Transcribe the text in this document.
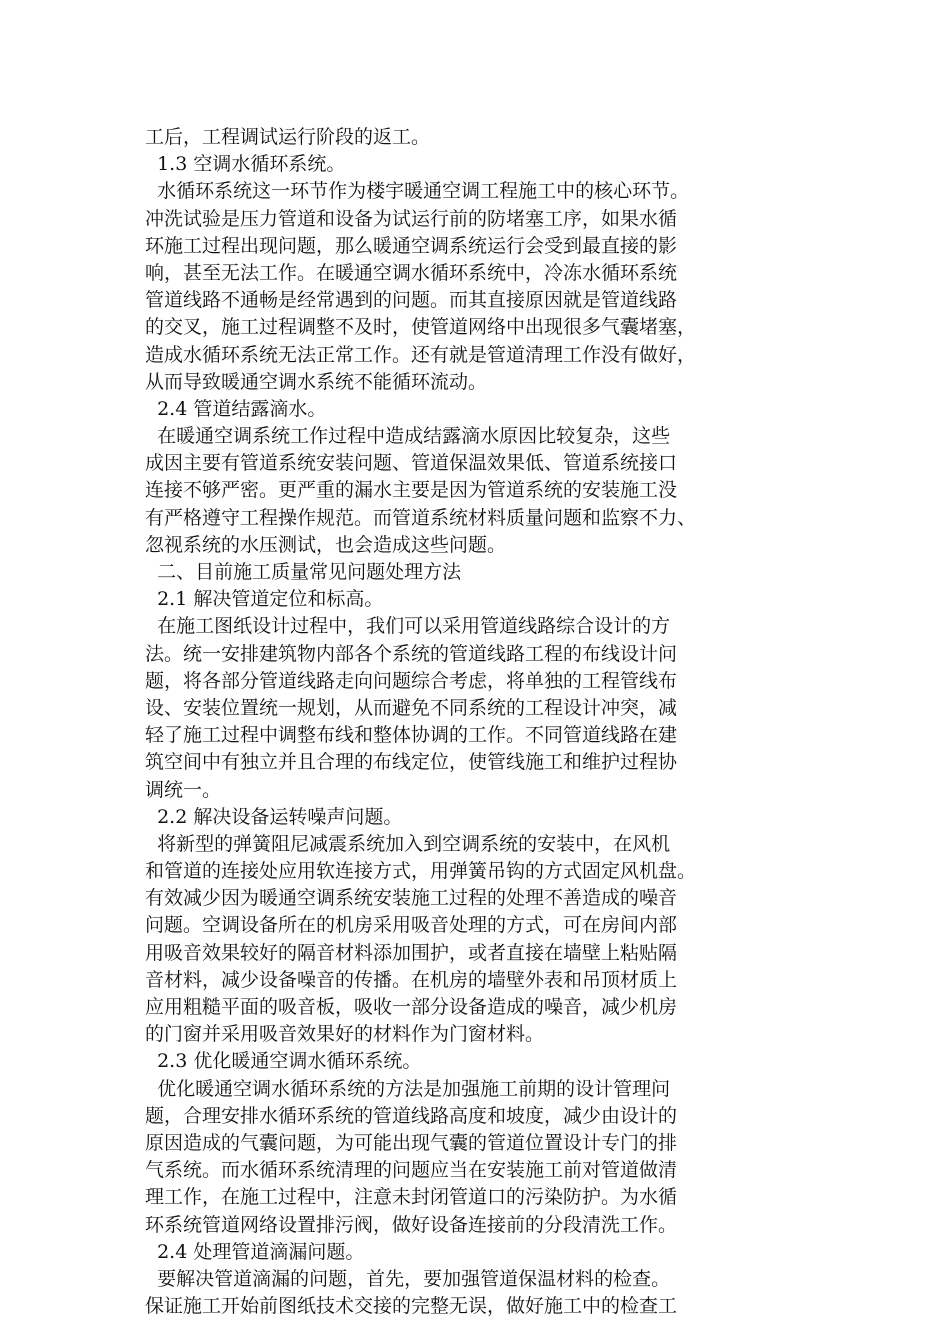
工后，工程调试运行阶段的返工。
1.3 空调水循环系统。
水循环系统这一环节作为楼宇暖通空调工程施工中的核心环节。
冲洗试验是压力管道和设备为试运行前的防堵塞工序，如果水循
环施工过程出现问题，那么暖通空调系统运行会受到最直接的影
响，甚至无法工作。在暖通空调水循环系统中，冷冻水循环系统
管道线路不通畅是经常遇到的问题。而其直接原因就是管道线路
的交叉，施工过程调整不及时，使管道网络中出现很多气囊堵塞，
造成水循环系统无法正常工作。还有就是管道清理工作没有做好，
从而导致暖通空调水系统不能循环流动。
2.4 管道结露滴水。
在暖通空调系统工作过程中造成结露滴水原因比较复杂，这些
成因主要有管道系统安装问题、管道保温效果低、管道系统接口
连接不够严密。更严重的漏水主要是因为管道系统的安装施工没
有严格遵守工程操作规范。而管道系统材料质量问题和监察不力、
忽视系统的水压测试，也会造成这些问题。
二、目前施工质量常见问题处理方法
2.1 解决管道定位和标高。
在施工图纸设计过程中，我们可以采用管道线路综合设计的方
法。统一安排建筑物内部各个系统的管道线路工程的布线设计问
题，将各部分管道线路走向问题综合考虑，将单独的工程管线布
设、安装位置统一规划，从而避免不同系统的工程设计冲突，减
轻了施工过程中调整布线和整体协调的工作。不同管道线路在建
筑空间中有独立并且合理的布线定位，使管线施工和维护过程协
调统一。
2.2 解决设备运转噪声问题。
将新型的弹簧阻尼减震系统加入到空调系统的安装中，在风机
和管道的连接处应用软连接方式，用弹簧吊钩的方式固定风机盘。
有效减少因为暖通空调系统安装施工过程的处理不善造成的噪音
问题。空调设备所在的机房采用吸音处理的方式，可在房间内部
用吸音效果较好的隔音材料添加围护，或者直接在墙壁上粘贴隔
音材料，减少设备噪音的传播。在机房的墙壁外表和吊顶材质上
应用粗糙平面的吸音板，吸收一部分设备造成的噪音，减少机房
的门窗并采用吸音效果好的材料作为门窗材料。
2.3 优化暖通空调水循环系统。
优化暖通空调水循环系统的方法是加强施工前期的设计管理问
题，合理安排水循环系统的管道线路高度和坡度，减少由设计的
原因造成的气囊问题，为可能出现气囊的管道位置设计专门的排
气系统。而水循环系统清理的问题应当在安装施工前对管道做清
理工作，在施工过程中，注意未封闭管道口的污染防护。为水循
环系统管道网络设置排污阀，做好设备连接前的分段清洗工作。
2.4 处理管道滴漏问题。
要解决管道滴漏的问题，首先，要加强管道保温材料的检查。
保证施工开始前图纸技术交接的完整无误，做好施工中的检查工
